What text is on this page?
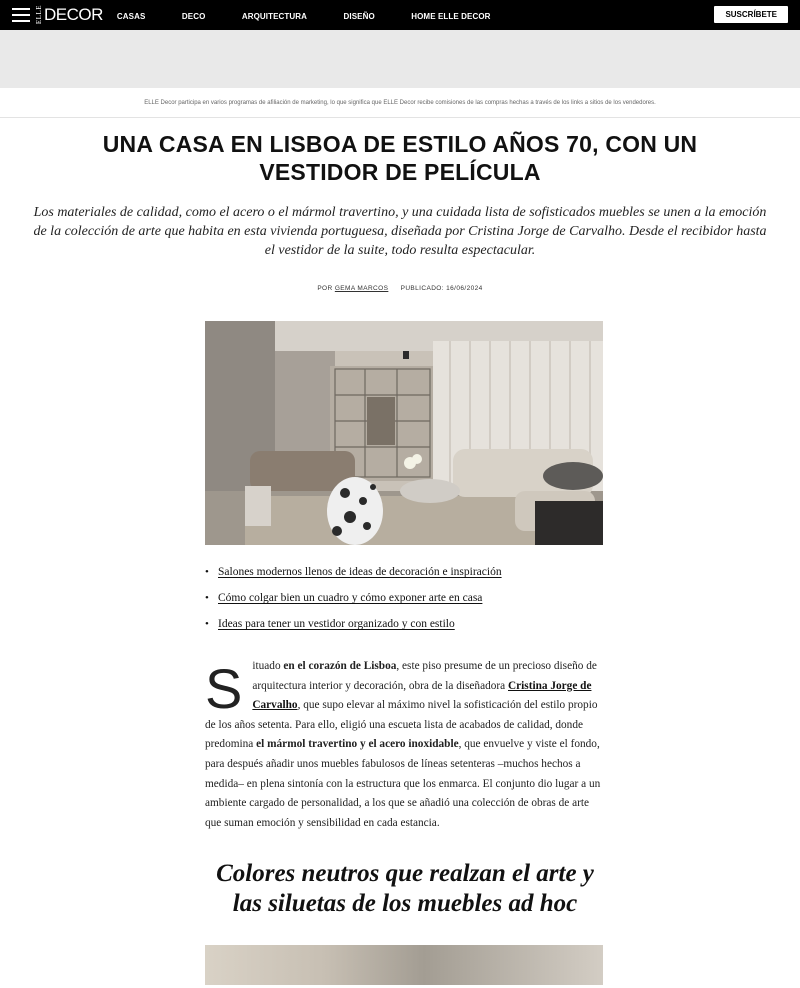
ELLE DECOR CASAS	DECO	ARQUITECTURA	DISEÑO	HOME ELLE DECOR	SUSCRÍBETE
ELLE Decor participa en varios programas de afiliación de marketing, lo que significa que ELLE Decor recibe comisiones de las compras hechas a través de los links a sitios de los vendedores.
UNA CASA EN LISBOA DE ESTILO AÑOS 70, CON UN VESTIDOR DE PELÍCULA

Los materiales de calidad, como el acero o el mármol travertino, y una cuidada lista de sofisticados muebles se unen a la emoción de la colección de arte que habita en esta vivienda portuguesa, diseñada por Cristina Jorge de Carvalho. Desde el recibidor hasta el vestidor de la suite, todo resulta espectacular.

POR GEMA MARCOS PUBLICADO: 16/06/2024
• Salones modernos llenos de ideas de decoración e inspiración
• Cómo colgar bien un cuadro y cómo exponer arte en casa
• Ideas para tener un vestidor organizado y con estilo
Situado en el corazón de Lisboa, este piso presume de un precioso diseño de arquitectura interior y decoración, obra de la diseñadora Cristina Jorge de Carvalho, que supo elevar al máximo nivel la sofisticación del estilo propio de los años setenta. Para ello, eligió una escueta lista de acabados de calidad, donde predomina el mármol travertino y el acero inoxidable, que envuelve y viste el fondo, para después añadir unos muebles fabulosos de líneas setenteras –muchos hechos a medida– en plena sintonía con la estructura que los enmarca. El conjunto dio lugar a un ambiente cargado de personalidad, a los que se añadió una colección de obras de arte que suman emoción y sensibilidad en cada estancia.
Colores neutros que realzan el arte y las siluetas de los muebles ad hoc
